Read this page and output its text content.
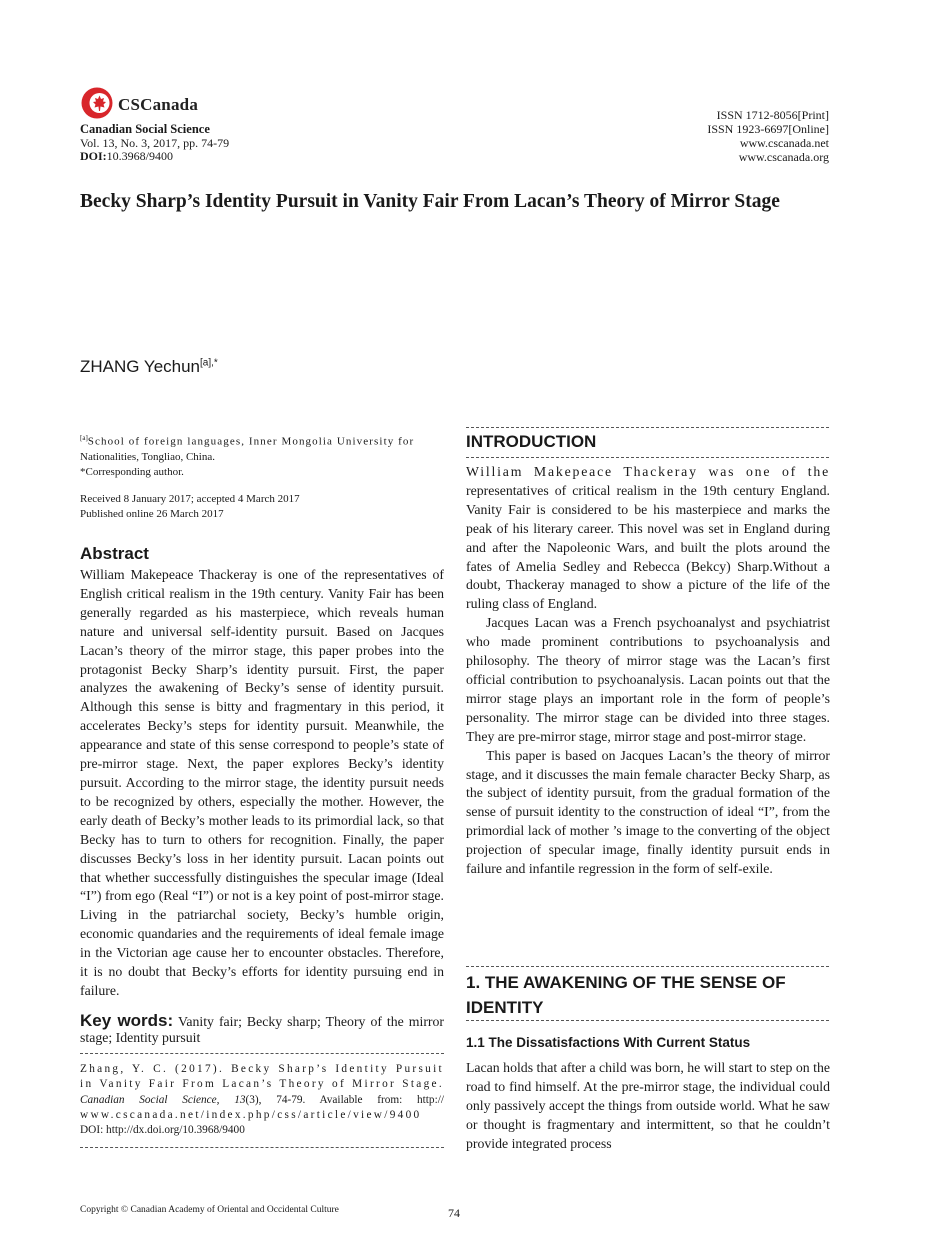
CSCanada
Canadian Social Science
Vol. 13, No. 3, 2017, pp. 74-79
DOI:10.3968/9400
ISSN 1712-8056[Print]
ISSN 1923-6697[Online]
www.cscanada.net
www.cscanada.org
Becky Sharp’s Identity Pursuit in Vanity Fair From Lacan’s Theory of Mirror Stage
ZHANG Yechun$^{[a],*}$
[a]School of foreign languages, Inner Mongolia University for
Nationalities, Tongliao, China.
*Corresponding author.
Received 8 January 2017; accepted 4 March 2017
Published online 26 March 2017
Abstract
William Makepeace Thackeray is one of the representatives of English critical realism in the 19th century. Vanity Fair has been generally regarded as his masterpiece, which reveals human nature and universal self-identity pursuit. Based on Jacques Lacan’s theory of the mirror stage, this paper probes into the protagonist Becky Sharp’s identity pursuit. First, the paper analyzes the awakening of Becky’s sense of identity pursuit. Although this sense is bitty and fragmentary in this period, it accelerates Becky’s steps for identity pursuit. Meanwhile, the appearance and state of this sense correspond to people’s state of pre-mirror stage. Next, the paper explores Becky’s identity pursuit. According to the mirror stage, the identity pursuit needs to be recognized by others, especially the mother. However, the early death of Becky’s mother leads to its primordial lack, so that Becky has to turn to others for recognition. Finally, the paper discusses Becky’s loss in her identity pursuit. Lacan points out that whether successfully distinguishes the specular image (Ideal “I”) from ego (Real “I”) or not is a key point of post-mirror stage. Living in the patriarchal society, Becky’s humble origin, economic quandaries and the requirements of ideal female image in the Victorian age cause her to encounter obstacles. Therefore, it is no doubt that Becky’s efforts for identity pursuing end in failure.
Key words: Vanity fair; Becky sharp; Theory of the mirror stage; Identity pursuit
Zhang, Y. C. (2017). Becky Sharp’s Identity Pursuit in Vanity Fair From Lacan’s Theory of Mirror Stage. Canadian Social Science, 13(3), 74-79. Available from: http:// www.cscanada.net/index.php/css/article/view/9400
DOI: http://dx.doi.org/10.3968/9400
INTRODUCTION

William Makepeace Thackeray was one of the representatives of critical realism in the 19th century England. Vanity Fair is considered to be his masterpiece and marks the peak of his literary career. This novel was set in England during and after the Napoleonic Wars, and built the plots around the fates of Amelia Sedley and Rebecca (Bekcy) Sharp.Without a doubt, Thackeray managed to show a picture of the life of the ruling class of England.

Jacques Lacan was a French psychoanalyst and psychiatrist who made prominent contributions to psychoanalysis and philosophy. The theory of mirror stage was the Lacan’s first official contribution to psychoanalysis. Lacan points out that the mirror stage plays an important role in the form of people’s personality. The mirror stage can be divided into three stages. They are pre-mirror stage, mirror stage and post-mirror stage.

This paper is based on Jacques Lacan’s the theory of mirror stage, and it discusses the main female character Becky Sharp, as the subject of identity pursuit, from the gradual formation of the sense of pursuit identity to the construction of ideal “I”, from the primordial lack of mother ’s image to the converting of the object projection of specular image, finally identity pursuit ends in failure and infantile regression in the form of self-exile.

1. THE AWAKENING OF THE SENSE OF IDENTITY
1.1 The Dissatisfactions With Current Status
Lacan holds that after a child was born, he will start to step on the road to find himself. At the pre-mirror stage, the individual could only passively accept the things from outside world. What he saw or thought is fragmentary and intermittent, so that he couldn’t provide integrated process
Copyright © Canadian Academy of Oriental and Occidental Culture	74
